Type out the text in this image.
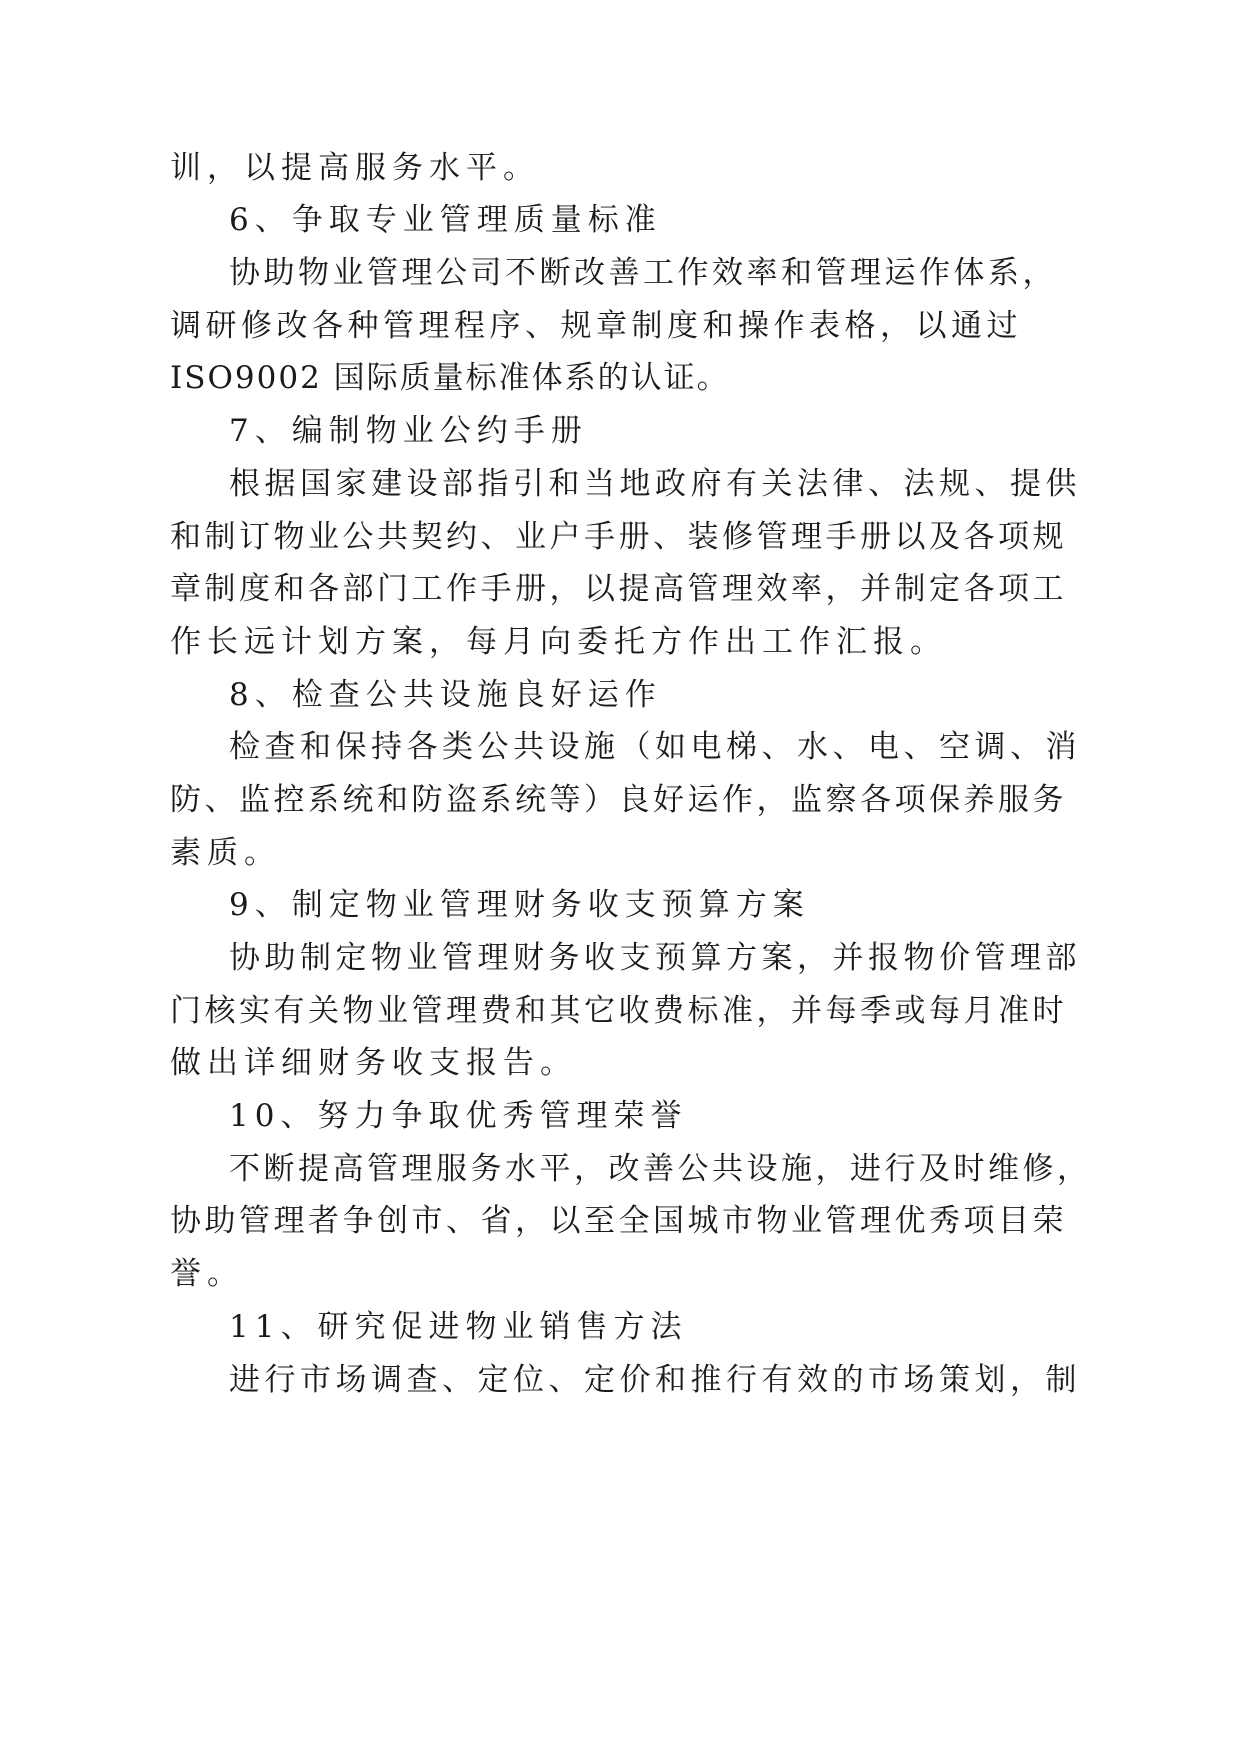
训，以提高服务水平。
6、争取专业管理质量标准
协助物业管理公司不断改善工作效率和管理运作体系，
调研修改各种管理程序、规章制度和操作表格，以通过
ISO9002 国际质量标准体系的认证。
7、编制物业公约手册
根据国家建设部指引和当地政府有关法律、法规、提供
和制订物业公共契约、业户手册、装修管理手册以及各项规
章制度和各部门工作手册，以提高管理效率，并制定各项工
作长远计划方案，每月向委托方作出工作汇报。
8、检查公共设施良好运作
检查和保持各类公共设施（如电梯、水、电、空调、消
防、监控系统和防盗系统等）良好运作，监察各项保养服务
素质。
9、制定物业管理财务收支预算方案
协助制定物业管理财务收支预算方案，并报物价管理部
门核实有关物业管理费和其它收费标准，并每季或每月准时
做出详细财务收支报告。
10、努力争取优秀管理荣誉
不断提高管理服务水平，改善公共设施，进行及时维修，
协助管理者争创市、省，以至全国城市物业管理优秀项目荣
誉。
11、研究促进物业销售方法
进行市场调查、定位、定价和推行有效的市场策划，制
